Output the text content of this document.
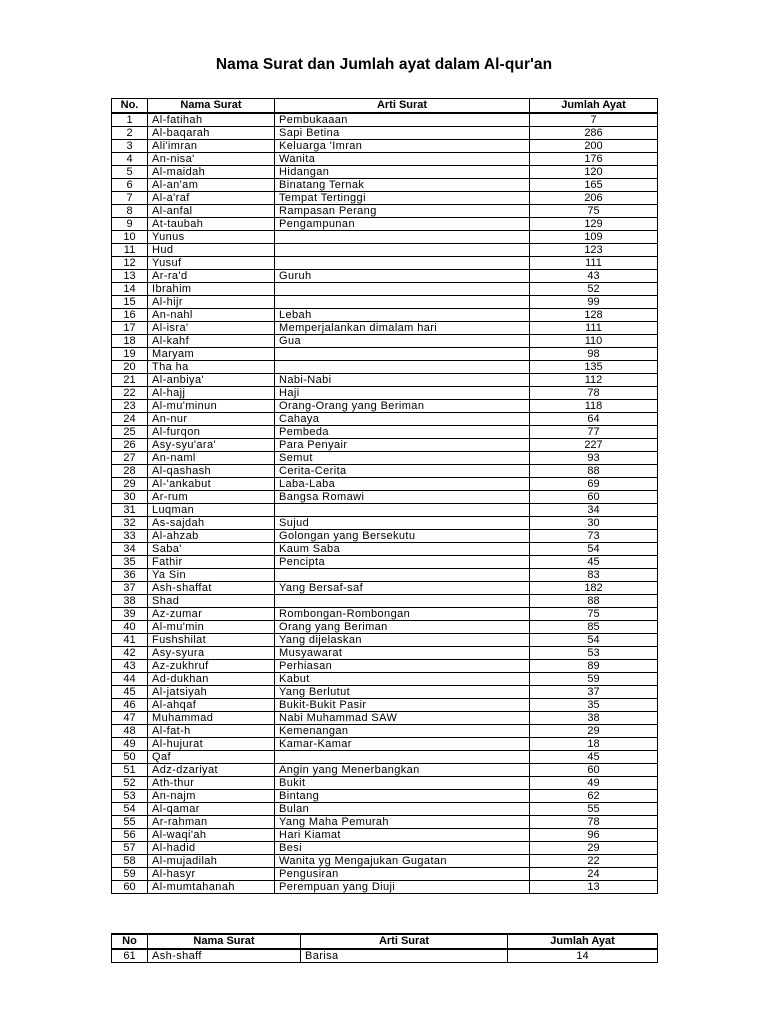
Nama Surat dan Jumlah ayat dalam Al-qur'an
No.	Nama Surat	Arti Surat	Jumlah Ayat
1	Al-fatihah	Pembukaaan	7
2	Al-baqarah	Sapi Betina	286
3	Ali'imran	Keluarga 'Imran	200
4	An-nisa'	Wanita	176
5	Al-maidah	Hidangan	120
6	Al-an'am	Binatang Ternak	165
7	Al-a'raf	Tempat Tertinggi	206
8	Al-anfal	Rampasan Perang	75
9	At-taubah	Pengampunan	129
10	Yunus		109
11	Hud		123
12	Yusuf		111
13	Ar-ra'd	Guruh	43
14	Ibrahim		52
15	Al-hijr		99
16	An-nahl	Lebah	128
17	Al-isra'	Memperjalankan dimalam hari	111
18	Al-kahf	Gua	110
19	Maryam		98
20	Tha ha		135
21	Al-anbiya'	Nabi-Nabi	112
22	Al-hajj	Haji	78
23	Al-mu'minun	Orang-Orang yang Beriman	118
24	An-nur	Cahaya	64
25	Al-furqon	Pembeda	77
26	Asy-syu'ara'	Para Penyair	227
27	An-naml	Semut	93
28	Al-qashash	Cerita-Cerita	88
29	Al-'ankabut	Laba-Laba	69
30	Ar-rum	Bangsa Romawi	60
31	Luqman		34
32	As-sajdah	Sujud	30
33	Al-ahzab	Golongan yang Bersekutu	73
34	Saba'	Kaum Saba	54
35	Fathir	Pencipta	45
36	Ya Sin		83
37	Ash-shaffat	Yang Bersaf-saf	182
38	Shad		88
39	Az-zumar	Rombongan-Rombongan	75
40	Al-mu'min	Orang yang Beriman	85
41	Fushshilat	Yang dijelaskan	54
42	Asy-syura	Musyawarat	53
43	Az-zukhruf	Perhiasan	89
44	Ad-dukhan	Kabut	59
45	Al-jatsiyah	Yang Berlutut	37
46	Al-ahqaf	Bukit-Bukit Pasir	35
47	Muhammad	Nabi Muhammad SAW	38
48	Al-fat-h	Kemenangan	29
49	Al-hujurat	Kamar-Kamar	18
50	Qaf		45
51	Adz-dzariyat	Angin yang Menerbangkan	60
52	Ath-thur	Bukit	49
53	An-najm	Bintang	62
54	Al-qamar	Bulan	55
55	Ar-rahman	Yang Maha Pemurah	78
56	Al-waqi'ah	Hari Kiamat	96
57	Al-hadid	Besi	29
58	Al-mujadilah	Wanita yg Mengajukan Gugatan	22
59	Al-hasyr	Pengusiran	24
60	Al-mumtahanah	Perempuan yang Diuji	13
No	Nama Surat	Arti Surat	Jumlah Ayat
61	Ash-shaff	Barisa	14
